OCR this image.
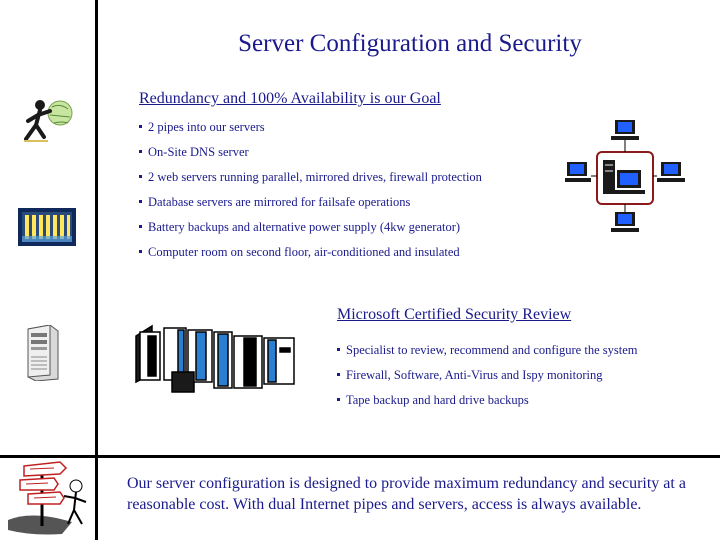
Server Configuration and Security
Redundancy and 100% Availability is our Goal
2 pipes into our servers
On-Site DNS server
2 web servers running parallel, mirrored drives, firewall protection
Database servers are mirrored for failsafe operations
Battery backups and alternative power supply (4kw generator)
Computer room on second floor, air-conditioned and insulated
Microsoft Certified Security Review
Specialist to review, recommend and configure the system
Firewall, Software, Anti-Virus and Ispy monitoring
Tape backup and hard drive backups
Our server configuration is designed to provide maximum redundancy and security at a reasonable cost. With dual Internet pipes and servers, access is always available.
